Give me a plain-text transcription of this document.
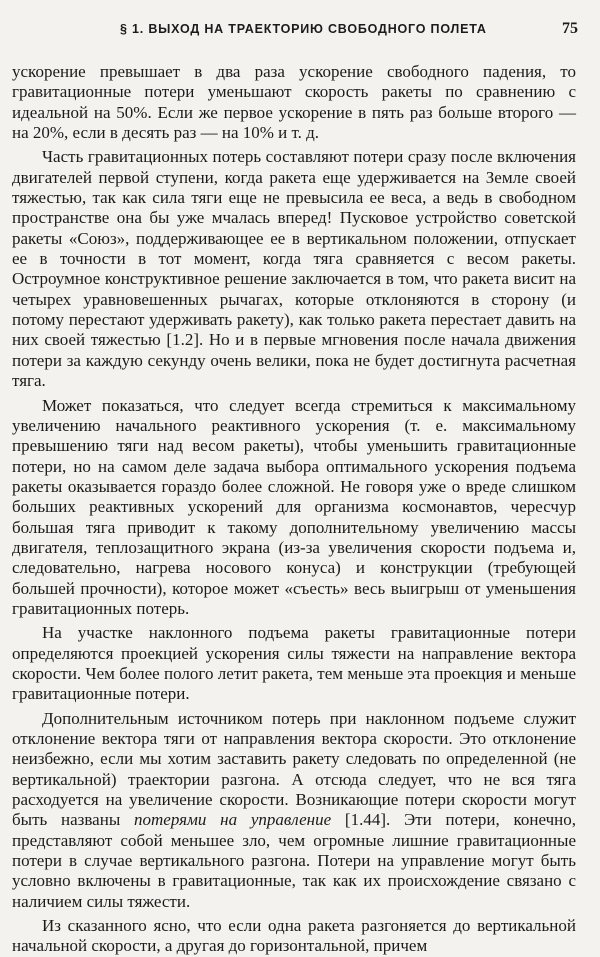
§ 1. ВЫХОД НА ТРАЕКТОРИЮ СВОБОДНОГО ПОЛЕТА	75

ускорение превышает в два раза ускорение свободного падения, то гравитационные потери уменьшают скорость ракеты по сравнению с идеальной на 50%. Если же первое ускорение в пять раз больше второго — на 20%, если в десять раз — на 10% и т. д.

Часть гравитационных потерь составляют потери сразу после включения двигателей первой ступени, когда ракета еще удерживается на Земле своей тяжестью, так как сила тяги еще не превысила ее веса, а ведь в свободном пространстве она бы уже мчалась вперед! Пусковое устройство советской ракеты «Союз», поддерживающее ее в вертикальном положении, отпускает ее в точности в тот момент, когда тяга сравняется с весом ракеты. Остроумное конструктивное решение заключается в том, что ракета висит на четырех уравновешенных рычагах, которые отклоняются в сторону (и потому перестают удерживать ракету), как только ракета перестает давить на них своей тяжестью [1.2]. Но и в первые мгновения после начала движения потери за каждую секунду очень велики, пока не будет достигнута расчетная тяга.

Может показаться, что следует всегда стремиться к максимальному увеличению начального реактивного ускорения (т. е. максимальному превышению тяги над весом ракеты), чтобы уменьшить гравитационные потери, но на самом деле задача выбора оптимального ускорения подъема ракеты оказывается гораздо более сложной. Не говоря уже о вреде слишком больших реактивных ускорений для организма космонавтов, чересчур большая тяга приводит к такому дополнительному увеличению массы двигателя, теплозащитного экрана (из-за увеличения скорости подъема и, следовательно, нагрева носового конуса) и конструкции (требующей большей прочности), которое может «съесть» весь выигрыш от уменьшения гравитационных потерь.

На участке наклонного подъема ракеты гравитационные потери определяются проекцией ускорения силы тяжести на направление вектора скорости. Чем более полого летит ракета, тем меньше эта проекция и меньше гравитационные потери.

Дополнительным источником потерь при наклонном подъеме служит отклонение вектора тяги от направления вектора скорости. Это отклонение неизбежно, если мы хотим заставить ракету следовать по определенной (не вертикальной) траектории разгона. А отсюда следует, что не вся тяга расходуется на увеличение скорости. Возникающие потери скорости могут быть названы потерями на управление [1.44]. Эти потери, конечно, представляют собой меньшее зло, чем огромные лишние гравитационные потери в случае вертикального разгона. Потери на управление могут быть условно включены в гравитационные, так как их происхождение связано с наличием силы тяжести.

Из сказанного ясно, что если одна ракета разгоняется до вертикальной начальной скорости, а другая до горизонтальной, причем
